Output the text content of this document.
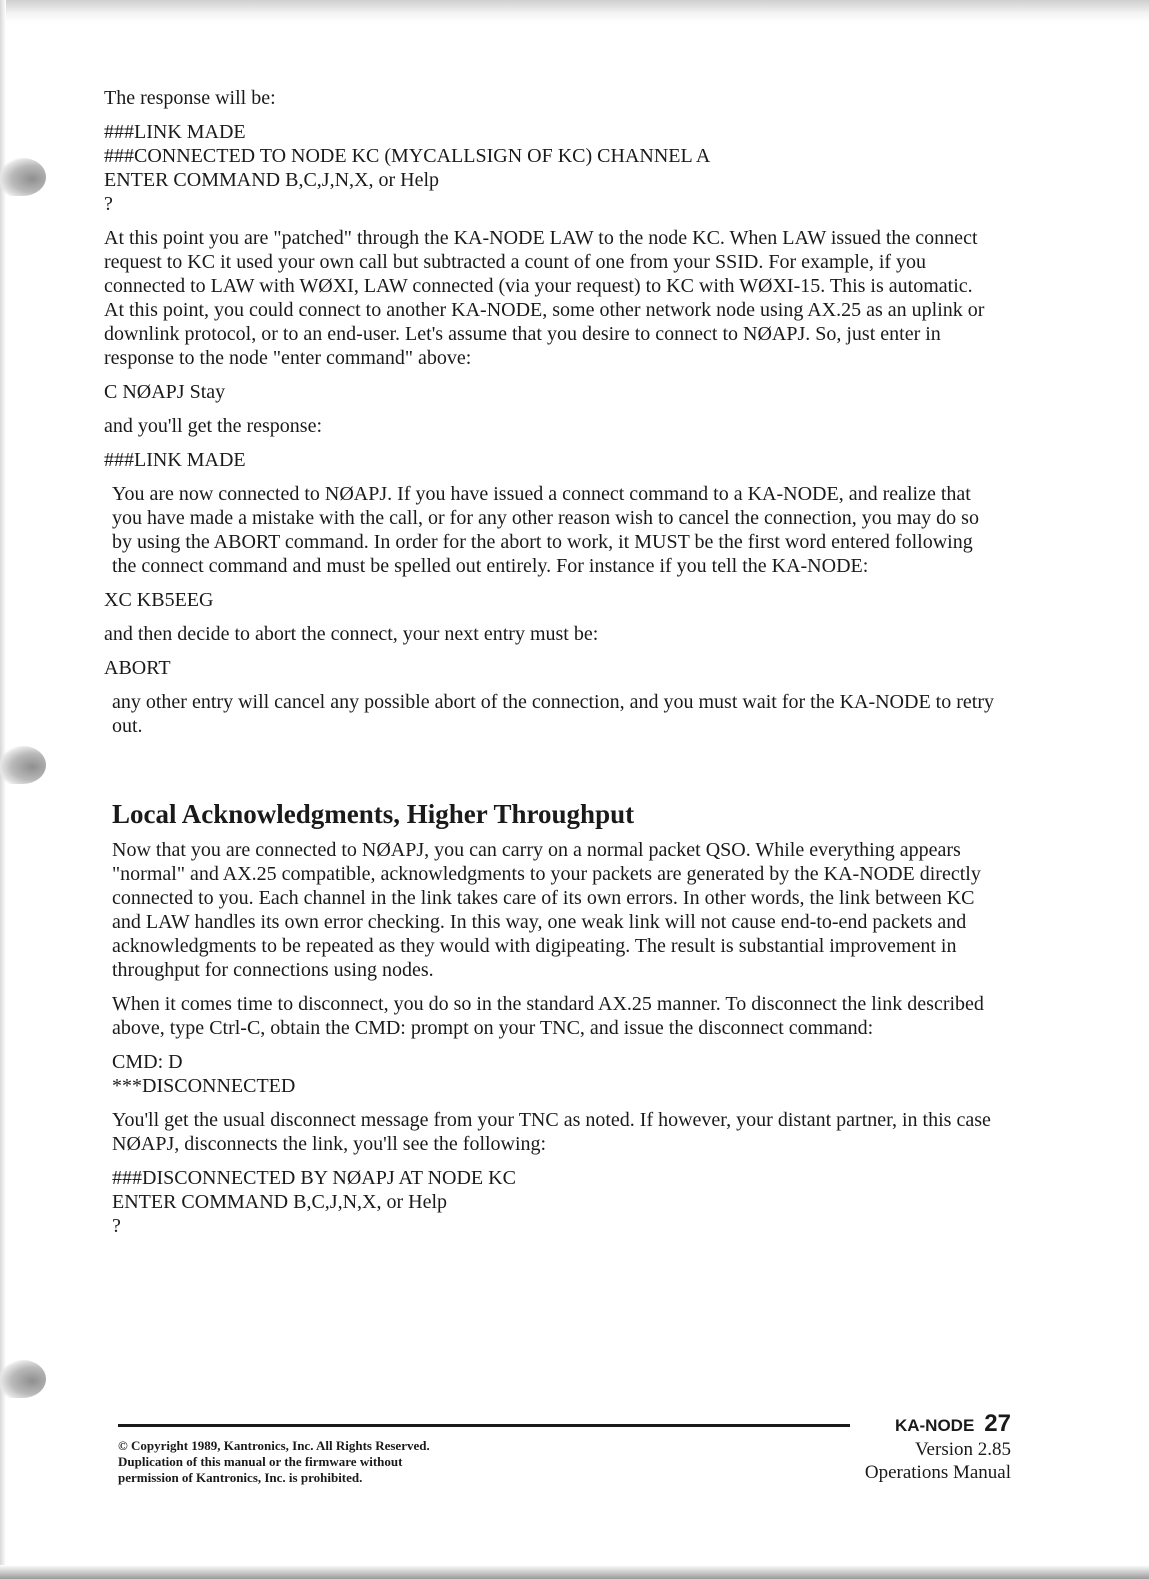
The response will be:

###LINK MADE
###CONNECTED TO NODE KC (MYCALLSIGN OF KC) CHANNEL A
ENTER COMMAND B,C,J,N,X, or Help
?

At this point you are "patched" through the KA-NODE LAW to the node KC. When LAW issued the connect request to KC it used your own call but subtracted a count of one from your SSID. For example, if you connected to LAW with WØXI, LAW connected (via your request) to KC with WØXI-15. This is automatic. At this point, you could connect to another KA-NODE, some other network node using AX.25 as an uplink or downlink protocol, or to an end-user. Let's assume that you desire to connect to NØAPJ. So, just enter in response to the node "enter command" above:

C NØAPJ Stay

and you'll get the response:

###LINK MADE

You are now connected to NØAPJ. If you have issued a connect command to a KA-NODE, and realize that you have made a mistake with the call, or for any other reason wish to cancel the connection, you may do so by using the ABORT command. In order for the abort to work, it MUST be the first word entered following the connect command and must be spelled out entirely. For instance if you tell the KA-NODE:

XC KB5EEG

and then decide to abort the connect, your next entry must be:

ABORT

any other entry will cancel any possible abort of the connection, and you must wait for the KA-NODE to retry out.

Local Acknowledgments, Higher Throughput

Now that you are connected to NØAPJ, you can carry on a normal packet QSO. While everything appears "normal" and AX.25 compatible, acknowledgments to your packets are generated by the KA-NODE directly connected to you. Each channel in the link takes care of its own errors. In other words, the link between KC and LAW handles its own error checking. In this way, one weak link will not cause end-to-end packets and acknowledgments to be repeated as they would with digipeating. The result is substantial improvement in throughput for connections using nodes.

When it comes time to disconnect, you do so in the standard AX.25 manner. To disconnect the link described above, type Ctrl-C, obtain the CMD: prompt on your TNC, and issue the disconnect command:

CMD: D
***DISCONNECTED

You'll get the usual disconnect message from your TNC as noted. If however, your distant partner, in this case NØAPJ, disconnects the link, you'll see the following:

###DISCONNECTED BY NØAPJ AT NODE KC
ENTER COMMAND B,C,J,N,X, or Help
?
© Copyright 1989, Kantronics, Inc. All Rights Reserved.
Duplication of this manual or the firmware without
permission of Kantronics, Inc. is prohibited.
KA-NODE 27
Version 2.85
Operations Manual
